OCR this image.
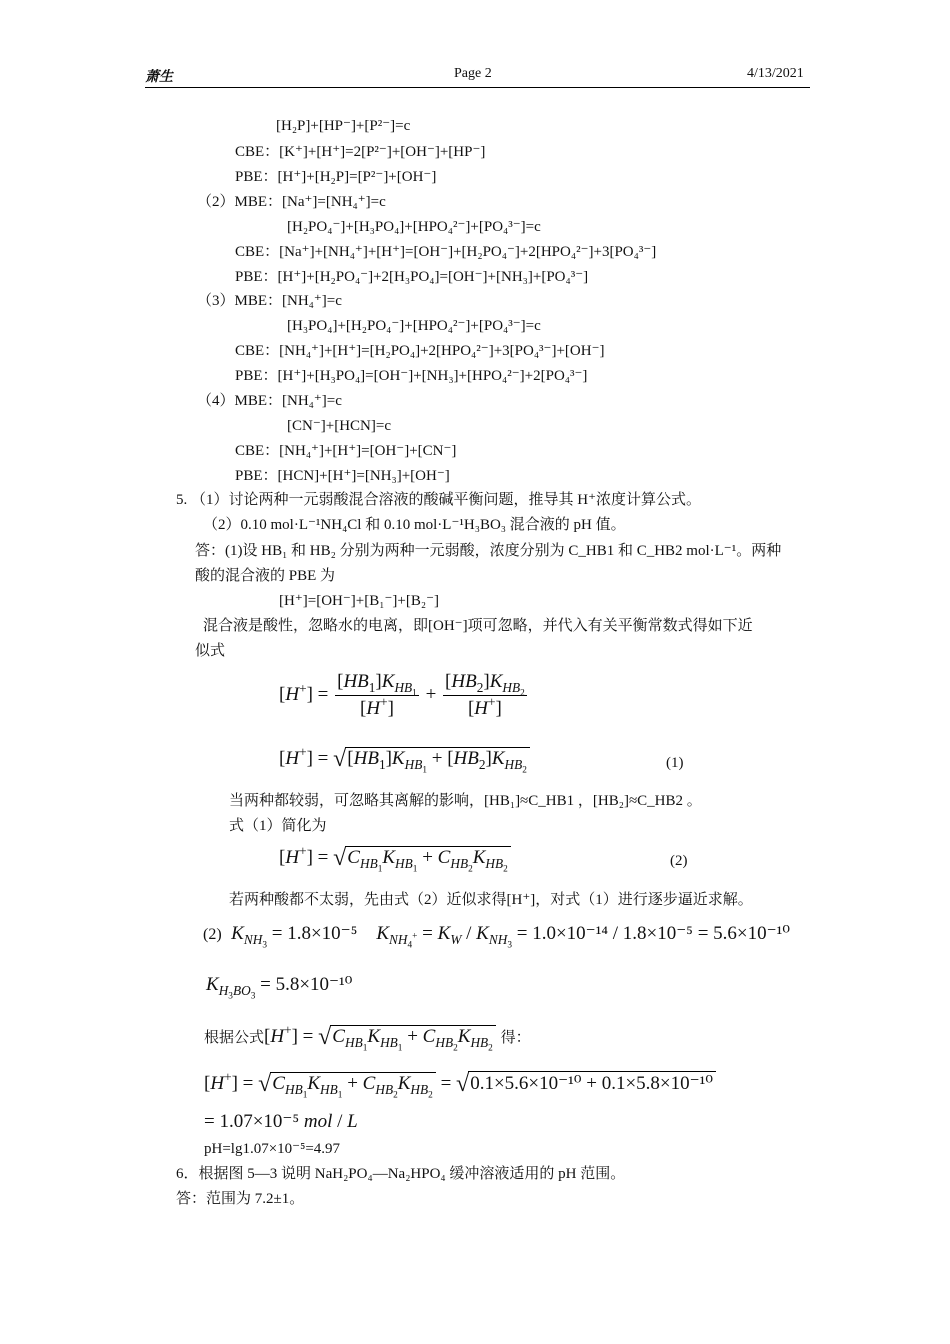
萧生	Page 2	4/13/2021
[H₂P]+[HP⁻]+[P²⁻]=c
CBE：[K⁺]+[H⁺]=2[P²⁻]+[OH⁻]+[HP⁻]
PBE：[H⁺]+[H₂P]=[P²⁻]+[OH⁻]
（2）MBE：[Na⁺]=[NH₄⁺]=c
[H₂PO₄⁻]+[H₃PO₄]+[HPO₄²⁻]+[PO₄³⁻]=c
CBE：[Na⁺]+[NH₄⁺]+[H⁺]=[OH⁻]+[H₂PO₄⁻]+2[HPO₄²⁻]+3[PO₄³⁻]
PBE：[H⁺]+[H₂PO₄⁻]+2[H₃PO₄]=[OH⁻]+[NH₃]+[PO₄³⁻]
（3）MBE：[NH₄⁺]=c
[H₃PO₄]+[H₂PO₄⁻]+[HPO₄²⁻]+[PO₄³⁻]=c
CBE：[NH₄⁺]+[H⁺]=[H₂PO₄]+2[HPO₄²⁻]+3[PO₄³⁻]+[OH⁻]
PBE：[H⁺]+[H₃PO₄]=[OH⁻]+[NH₃]+[HPO₄²⁻]+2[PO₄³⁻]
（4）MBE：[NH₄⁺]=c
[CN⁻]+[HCN]=c
CBE：[NH₄⁺]+[H⁺]=[OH⁻]+[CN⁻]
PBE：[HCN]+[H⁺]=[NH₃]+[OH⁻]
5. （1）讨论两种一元弱酸混合溶液的酸碱平衡问题，推导其 H⁺浓度计算公式。
（2）0.10 mol·L⁻¹NH₄Cl 和 0.10 mol·L⁻¹H₃BO₃ 混合液的 pH 值。
答：(1)设 HB₁ 和 HB₂ 分别为两种一元弱酸，浓度分别为 C_HB1 和 C_HB2 mol·L⁻¹。两种
酸的混合液的 PBE 为
[H⁺]=[OH⁻]+[B₁⁻]+[B₂⁻]
混合液是酸性，忽略水的电离，即[OH⁻]项可忽略，并代入有关平衡常数式得如下近
似式
$[H^+] = \frac{[HB_1]K_{HB_1}}{[H^+]} + \frac{[HB_2]K_{HB_2}}{[H^+]}$
$[H^+] = √[HB_1]K_{HB_1} + [HB_2]K_{HB_2}$	(1)
当两种都较弱，可忽略其离解的影响，[HB₁]≈C_HB1 ，[HB₂]≈C_HB2 。
式（1）简化为
$[H^+] = √C_{HB_1}K_{HB_1} + C_{HB_2}K_{HB_2}$
(2)
若两种酸都不太弱，先由式（2）近似求得[H⁺]，对式（1）进行逐步逼近求解。
(2) $K_{NH_3} = 1.8\times 10^{-5}$ $K_{NH_4^+} = K_W / K_{NH_3} = 1.0\times 10^{-14} / 1.8\times 10^{-5} = 5.6\times 10^{-10}$
$K_{H_3BO_3} = 5.8\times 10^{-10}$
根据公式$[H^+] = √C_{HB_1}K_{HB_1} + C_{HB_2}K_{HB_2}$ 得：
$[H^+] = √C_{HB_1}K_{HB_1} + C_{HB_2}K_{HB_2} = √0.1\times 5.6\times 10^{-10} + 0.1\times 5.8\times 10^{-10}$
= 1.07×10⁻⁵ mol / L
pH=lg1.07×10⁻⁵=4.97
6．根据图 5—3 说明 NaH₂PO₄—Na₂HPO₄ 缓冲溶液适用的 pH 范围。
答：范围为 7.2±1。
